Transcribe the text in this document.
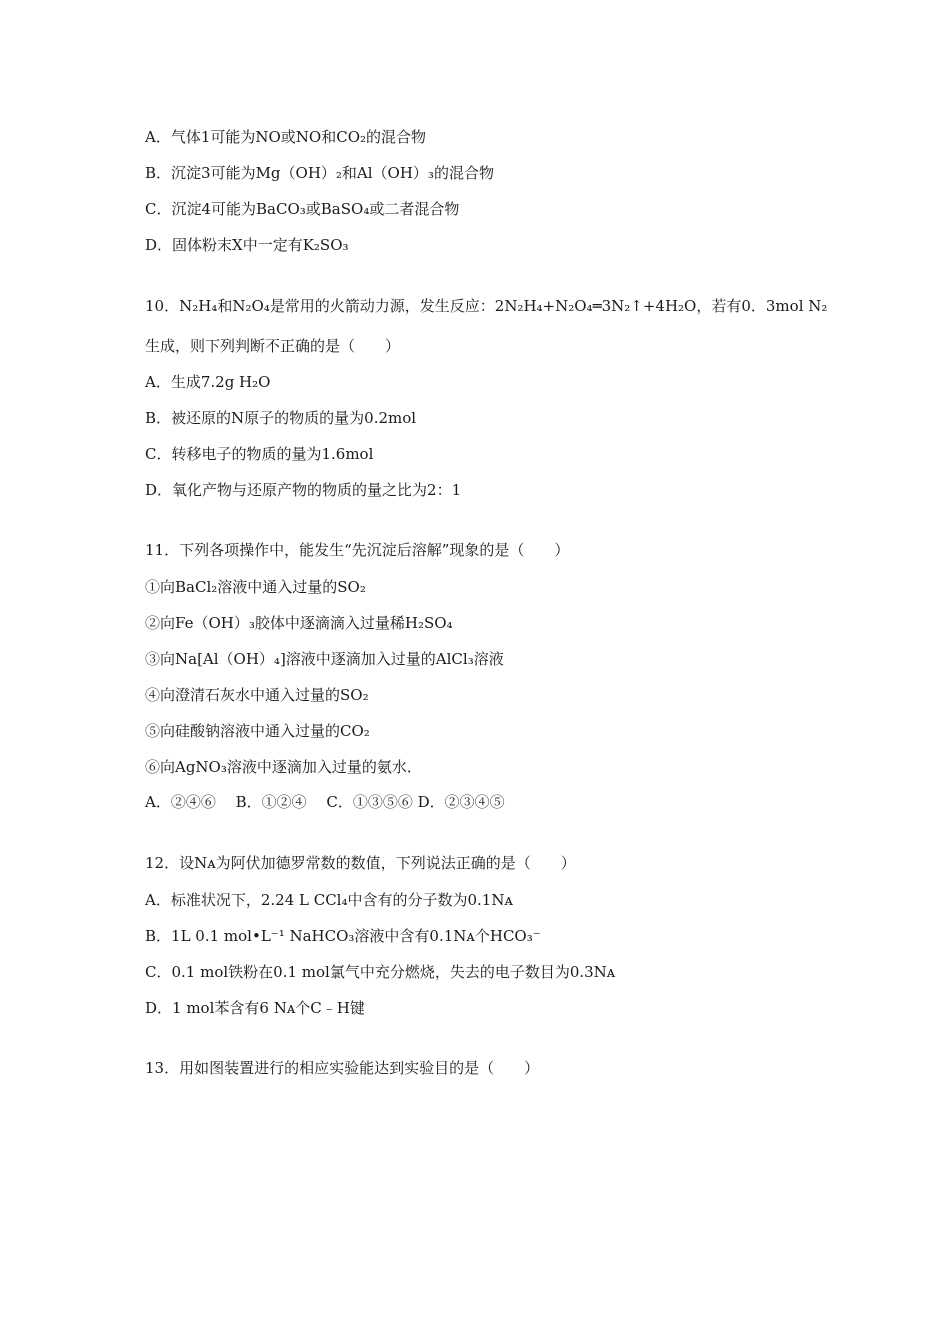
A．气体1可能为NO或NO和CO₂的混合物
B．沉淀3可能为Mg（OH）₂和Al（OH）₃的混合物
C．沉淀4可能为BaCO₃或BaSO₄或二者混合物
D．固体粉末X中一定有K₂SO₃
10．N₂H₄和N₂O₄是常用的火箭动力源，发生反应：2N₂H₄+N₂O₄═3N₂↑+4H₂O，若有0．3mol N₂
生成，则下列判断不正确的是（　　）
A．生成7.2g H₂O
B．被还原的N原子的物质的量为0.2mol
C．转移电子的物质的量为1.6mol
D．氧化产物与还原产物的物质的量之比为2：1
11．下列各项操作中，能发生“先沉淀后溶解”现象的是（　　）
①向BaCl₂溶液中通入过量的SO₂
②向Fe（OH）₃胶体中逐滴滴入过量稀H₂SO₄
③向Na[Al（OH）₄]溶液中逐滴加入过量的AlCl₃溶液
④向澄清石灰水中通入过量的SO₂
⑤向硅酸钠溶液中通入过量的CO₂
⑥向AgNO₃溶液中逐滴加入过量的氨水．
A．②④⑥　 B．①②④　 C．①③⑤⑥ D．②③④⑤
12．设Nᴀ为阿伏加德罗常数的数值，下列说法正确的是（　　）
A．标准状况下，2.24 L CCl₄中含有的分子数为0.1Nᴀ
B．1L 0.1 mol•L⁻¹ NaHCO₃溶液中含有0.1Nᴀ个HCO₃⁻
C．0.1 mol铁粉在0.1 mol氯气中充分燃烧，失去的电子数目为0.3Nᴀ
D．1 mol苯含有6 Nᴀ个C﹣H键
13．用如图装置进行的相应实验能达到实验目的是（　　）
